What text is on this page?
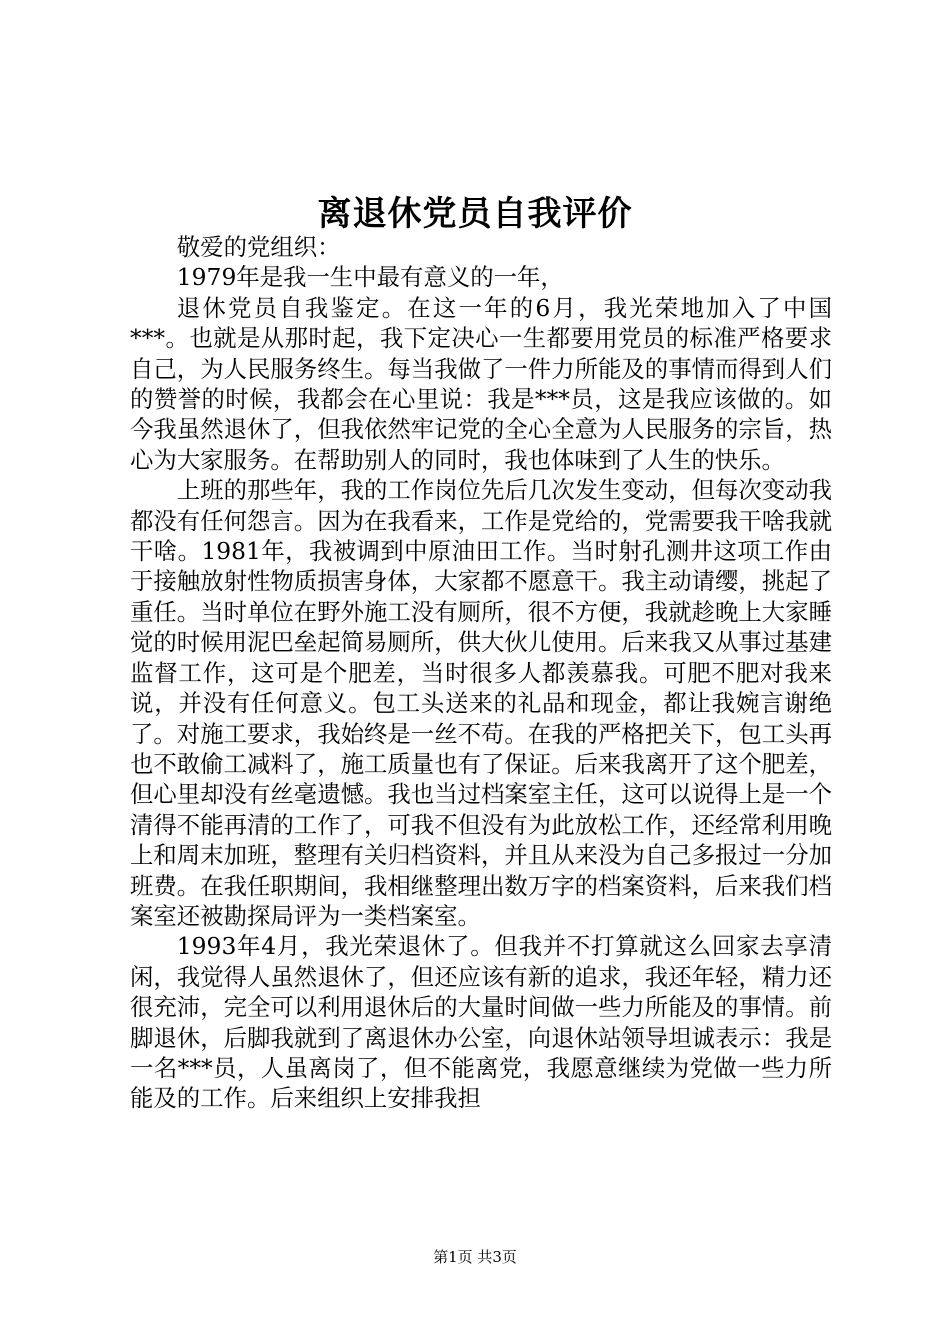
离退休党员自我评价

敬爱的党组织：

1979年是我一生中最有意义的一年，

退休党员自我鉴定。在这一年的6月，我光荣地加入了中国***。也就是从那时起，我下定决心一生都要用党员的标准严格要求自己，为人民服务终生。每当我做了一件力所能及的事情而得到人们的赞誉的时候，我都会在心里说：我是***员，这是我应该做的。如今我虽然退休了，但我依然牢记党的全心全意为人民服务的宗旨，热心为大家服务。在帮助别人的同时，我也体味到了人生的快乐。

上班的那些年，我的工作岗位先后几次发生变动，但每次变动我都没有任何怨言。因为在我看来，工作是党给的，党需要我干啥我就干啥。1981年，我被调到中原油田工作。当时射孔测井这项工作由于接触放射性物质损害身体，大家都不愿意干。我主动请缨，挑起了重任。当时单位在野外施工没有厕所，很不方便，我就趁晚上大家睡觉的时候用泥巴垒起简易厕所，供大伙儿使用。后来我又从事过基建监督工作，这可是个肥差，当时很多人都羡慕我。可肥不肥对我来说，并没有任何意义。包工头送来的礼品和现金，都让我婉言谢绝了。对施工要求，我始终是一丝不苟。在我的严格把关下，包工头再也不敢偷工减料了，施工质量也有了保证。后来我离开了这个肥差，但心里却没有丝毫遗憾。我也当过档案室主任，这可以说得上是一个清得不能再清的工作了，可我不但没有为此放松工作，还经常利用晚上和周末加班，整理有关归档资料，并且从来没为自己多报过一分加班费。在我任职期间，我相继整理出数万字的档案资料，后来我们档案室还被勘探局评为一类档案室。

1993年4月，我光荣退休了。但我并不打算就这么回家去享清闲，我觉得人虽然退休了，但还应该有新的追求，我还年轻，精力还很充沛，完全可以利用退休后的大量时间做一些力所能及的事情。前脚退休，后脚我就到了离退休办公室，向退休站领导坦诚表示：我是一名***员，人虽离岗了，但不能离党，我愿意继续为党做一些力所能及的工作。后来组织上安排我担

第1页 共3页
